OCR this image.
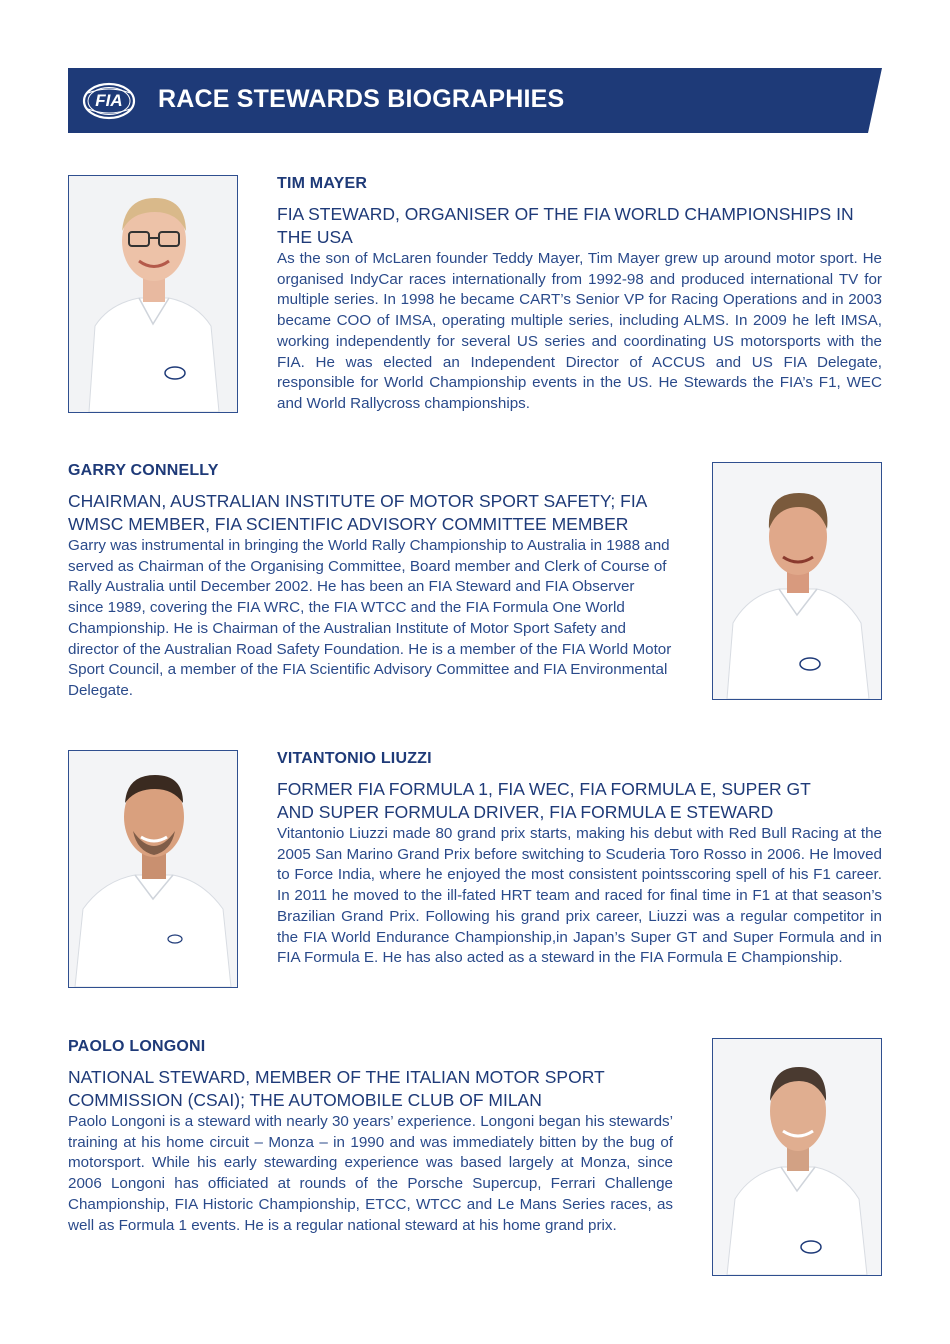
FIA	RACE STEWARDS BIOGRAPHIES
TIM MAYER
FIA STEWARD, ORGANISER OF THE FIA WORLD CHAMPIONSHIPS IN THE USA

As the son of McLaren founder Teddy Mayer, Tim Mayer grew up around motor sport. He organised IndyCar races internationally from 1992-98 and produced international TV for multiple series. In 1998 he became CART’s Senior VP for Racing Operations and in 2003 became COO of IMSA, operating multiple series, including ALMS. In 2009 he left IMSA, working independently for several US series and coordinating US motorsports with the FIA. He was elected an Independent Director of ACCUS and US FIA Delegate, responsible for World Championship events in the US. He Stewards the FIA’s F1, WEC and World Rallycross championships.

GARRY CONNELLY
CHAIRMAN, AUSTRALIAN INSTITUTE OF MOTOR SPORT SAFETY; FIA WMSC MEMBER, FIA SCIENTIFIC ADVISORY COMMITTEE MEMBER

Garry was instrumental in bringing the World Rally Championship to Australia in 1988 and served as Chairman of the Organising Committee, Board member and Clerk of Course of Rally Australia until December 2002. He has been an FIA Steward and FIA Observer since 1989, covering the FIA WRC, the FIA WTCC and the FIA Formula One World Championship. He is Chairman of the Australian Institute of Motor Sport Safety and director of the Australian Road Safety Foundation. He is a member of the FIA World Motor Sport Council, a member of the FIA Scientific Advisory Committee and FIA Environmental Delegate.

VITANTONIO LIUZZI
FORMER FIA FORMULA 1, FIA WEC, FIA FORMULA E, SUPER GT AND SUPER FORMULA DRIVER, FIA FORMULA E STEWARD

Vitantonio Liuzzi made 80 grand prix starts, making his debut with Red Bull Racing at the 2005 San Marino Grand Prix before switching to Scuderia Toro Rosso in 2006. He lmoved to Force India, where he enjoyed the most consistent pointsscoring spell of his F1 career. In 2011 he moved to the ill-fated HRT team and raced for final time in F1 at that season’s Brazilian Grand Prix. Following his grand prix career, Liuzzi was a regular competitor in the FIA World Endurance Championship,in Japan’s Super GT and Super Formula and in FIA Formula E. He has also acted as a steward in the FIA Formula E Championship.

PAOLO LONGONI
NATIONAL STEWARD, MEMBER OF THE ITALIAN MOTOR SPORT COMMISSION (CSAI); THE AUTOMOBILE CLUB OF MILAN

Paolo Longoni is a steward with nearly 30 years’ experience. Longoni began his stewards’ training at his home circuit – Monza – in 1990 and was immediately bitten by the bug of motorsport. While his early stewarding experience was based largely at Monza, since 2006 Longoni has officiated at rounds of the Porsche Supercup, Ferrari Challenge Championship, FIA Historic Championship, ETCC, WTCC and Le Mans Series races, as well as Formula 1 events. He is a regular national steward at his home grand prix.
